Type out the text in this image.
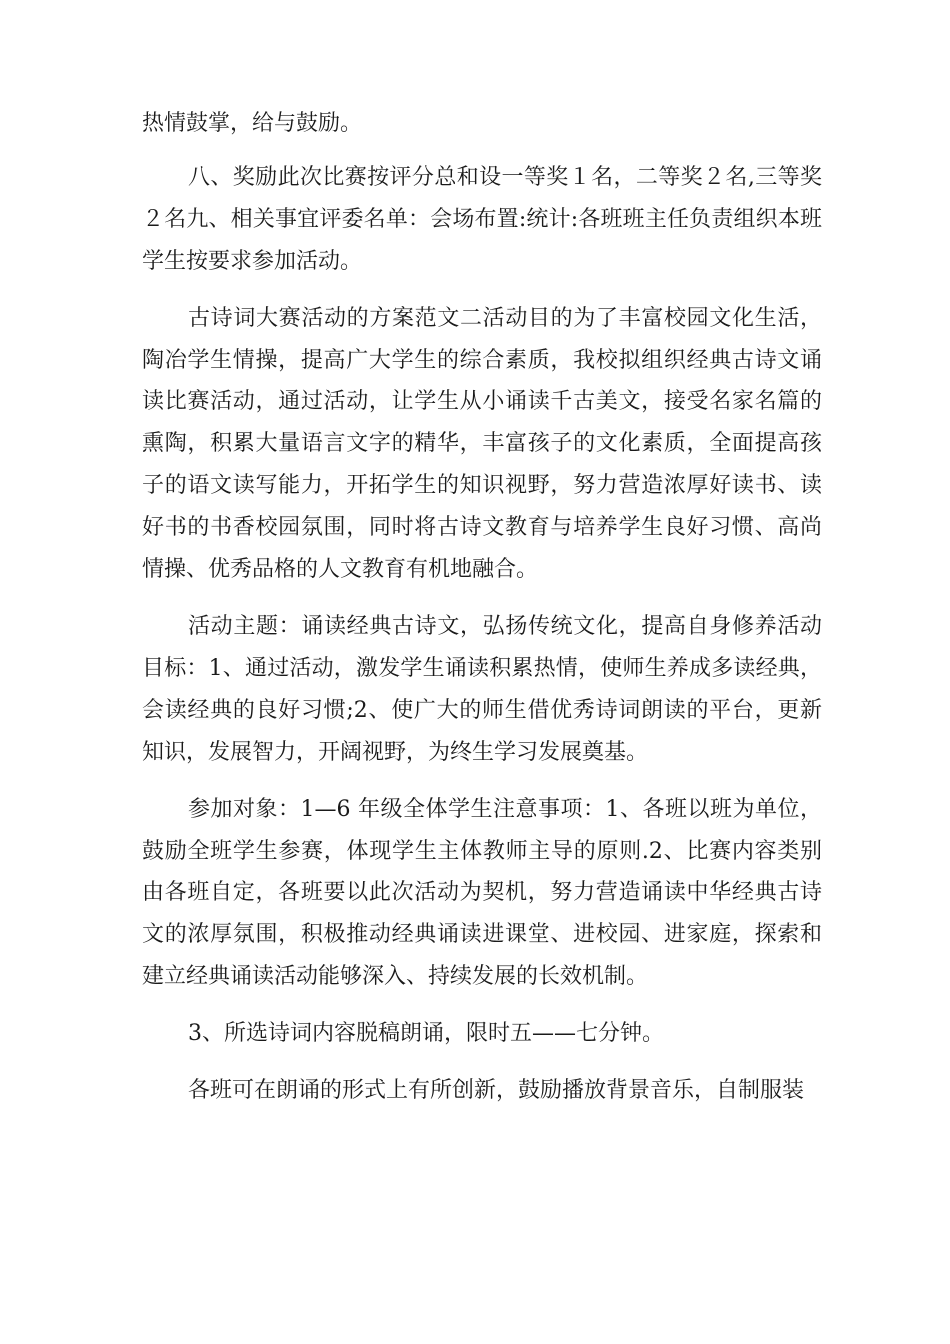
热情鼓掌，给与鼓励。

八、奖励此次比赛按评分总和设一等奖１名，二等奖２名,三等奖２名九、相关事宜评委名单：会场布置:统计:各班班主任负责组织本班学生按要求参加活动。

古诗词大赛活动的方案范文二活动目的为了丰富校园文化生活，陶冶学生情操，提高广大学生的综合素质，我校拟组织经典古诗文诵读比赛活动，通过活动，让学生从小诵读千古美文，接受名家名篇的熏陶，积累大量语言文字的精华，丰富孩子的文化素质，全面提高孩子的语文读写能力，开拓学生的知识视野，努力营造浓厚好读书、读好书的书香校园氛围，同时将古诗文教育与培养学生良好习惯、高尚情操、优秀品格的人文教育有机地融合。

活动主题：诵读经典古诗文，弘扬传统文化，提高自身修养活动目标：1、通过活动，激发学生诵读积累热情，使师生养成多读经典，会读经典的良好习惯;2、使广大的师生借优秀诗词朗读的平台，更新知识，发展智力，开阔视野，为终生学习发展奠基。

参加对象：1—6 年级全体学生注意事项：1、各班以班为单位，鼓励全班学生参赛，体现学生主体教师主导的原则.2、比赛内容类别由各班自定，各班要以此次活动为契机，努力营造诵读中华经典古诗文的浓厚氛围，积极推动经典诵读进课堂、进校园、进家庭，探索和建立经典诵读活动能够深入、持续发展的长效机制。

3、所选诗词内容脱稿朗诵，限时五——七分钟。

各班可在朗诵的形式上有所创新，鼓励播放背景音乐，自制服装
